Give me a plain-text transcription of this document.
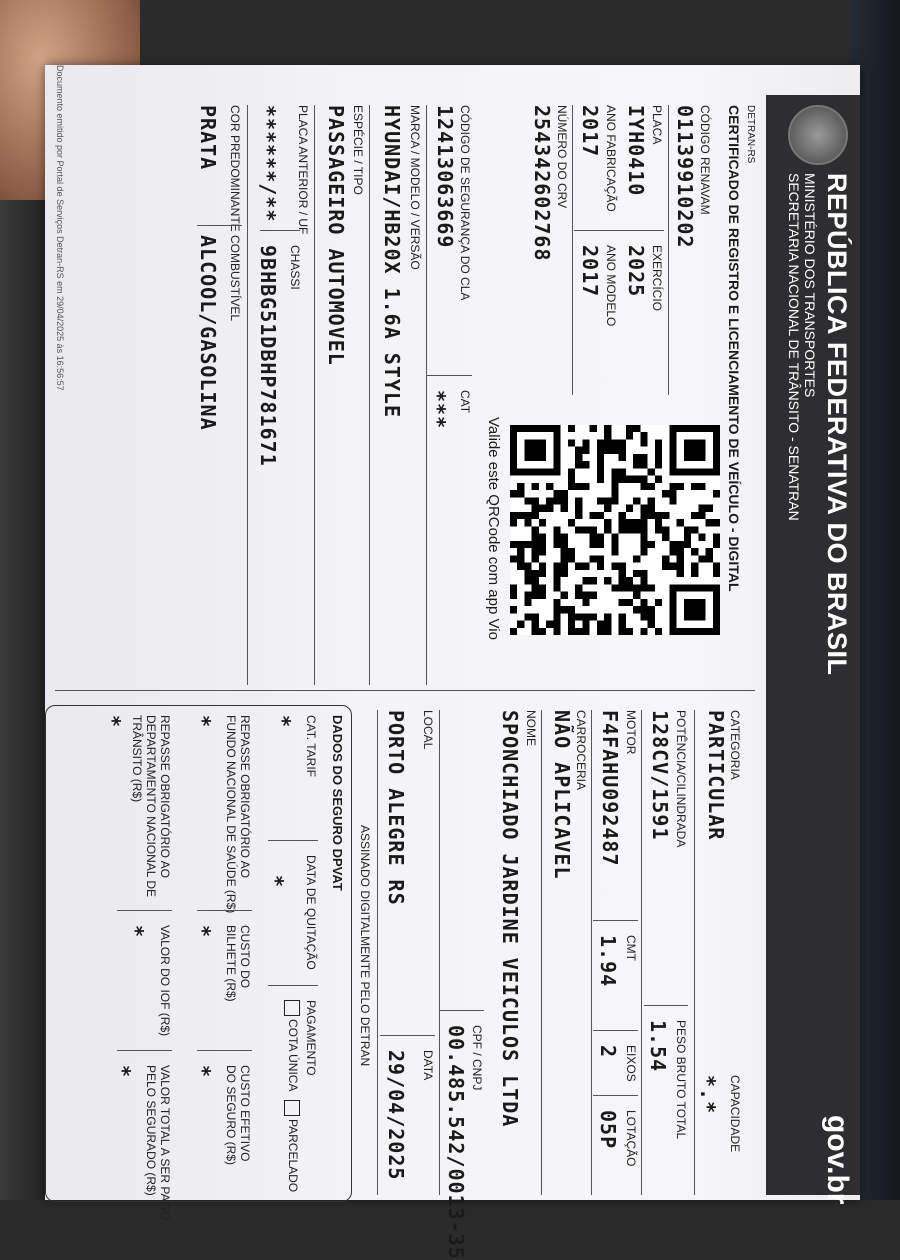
REPÚBLICA FEDERATIVA DO BRASIL
MINISTÉRIO DOS TRANSPORTES
SECRETARIA NACIONAL DE TRÂNSITO - SENATRAN
gov.br
DETRAN-RS
CERTIFICADO DE REGISTRO E LICENCIAMENTO DE VEÍCULO - DIGITAL
CÓDIGO RENAVAM
01139910202
PLACA
EXERCÍCIO
IYH0410
2025
ANO FABRICAÇÃO
ANO MODELO
2017
2017
NÚMERO DO CRV
254342602768
CÓDIGO DE SEGURANÇA DO CLA
CAT
12413063669
***
MARCA / MODELO / VERSÃO
HYUNDAI/HB20X 1.6A STYLE
ESPÉCIE / TIPO
PASSAGEIRO AUTOMOVEL
PLACA ANTERIOR / UF
CHASSI
******/**
9BHBG51DBHP781671
COR PREDOMINANTE
COMBUSTÍVEL
PRATA
ALCOOL/GASOLINA
Valide este QRCode com app Vio
CATEGORIA
CAPACIDADE
PARTICULAR
*.*
POTÊNCIA/CILINDRADA
PESO BRUTO TOTAL
128CV/1591
1.54
MOTOR
CMT
EIXOS
LOTAÇÃO
F4FAHU092487
1.94
2
05P
CARROCERIA
NÃO APLICAVEL
NOME
SPONCHIADO JARDINE VEICULOS LTDA
CPF / CNPJ
00.485.542/0013-35
LOCAL
DATA
PORTO ALEGRE RS
29/04/2025
ASSINADO DIGITALMENTE PELO DETRAN
DADOS DO SEGURO DPVAT
CAT. TARIF
DATA DE QUITAÇÃO
PAGAMENTO
*
*
COTA ÚNICA
PARCELADO
REPASSE OBRIGATÓRIO AO
FUNDO NACIONAL DE SAÚDE (R$)
CUSTO DO
BILHETE (R$)
CUSTO EFETIVO
DO SEGURO (R$)
*
*
*
REPASSE OBRIGATÓRIO AO
DEPARTAMENTO NACIONAL DE
TRÂNSITO (R$)
VALOR DO IOF (R$)
VALOR TOTAL A SER PAGO
PELO SEGURADO (R$)
*
*
*
Documento emitido por Portal de Serviços Detran-RS em 29/04/2025 às 16:56:57
